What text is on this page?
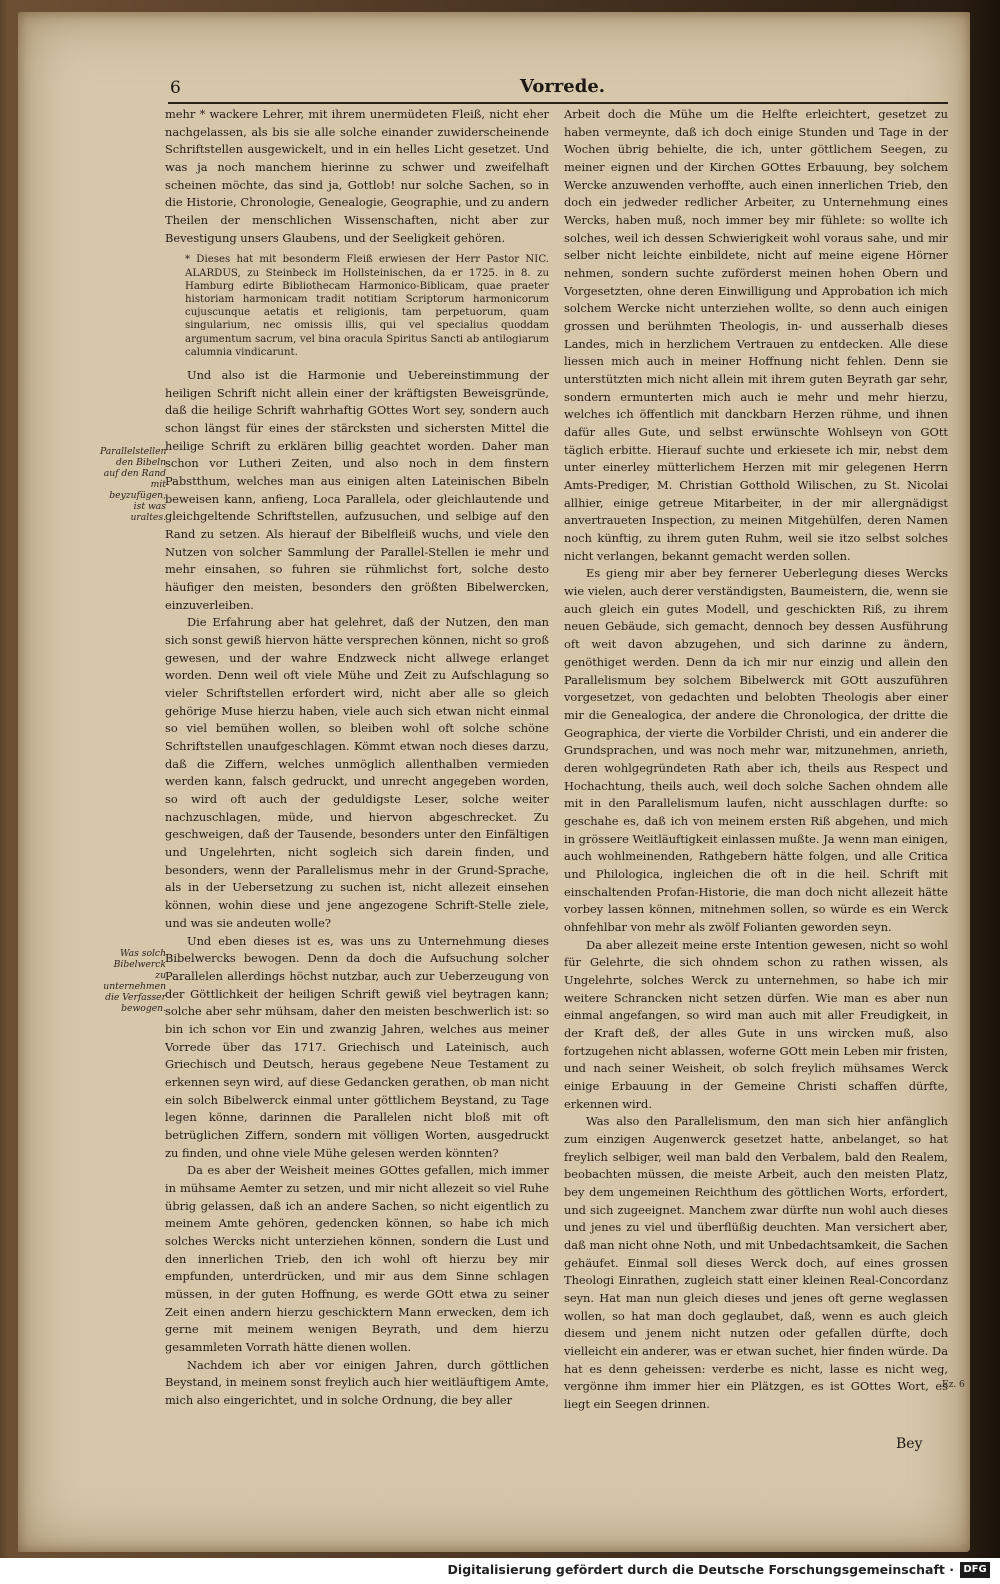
6	Vorrede.
Parallelstellen den Bibeln auf den Rand mit beyzufügen, ist was uraltes.
Was solch Bibelwerck zu unternehmen die Verfasser bewogen.
Ez. 6

mehr * wackere Lehrer, mit ihrem unermüdeten Fleiß, nicht eher nachgelassen, als bis sie alle solche einander zuwiderscheinende Schriftstellen ausgewickelt, und in ein helles Licht gesetzet. Und was ja noch manchem hierinne zu schwer und zweifelhaft scheinen möchte, das sind ja, Gottlob! nur solche Sachen, so in die Historie, Chronologie, Genealogie, Geographie, und zu andern Theilen der menschlichen Wissenschaften, nicht aber zur Bevestigung unsers Glaubens, und der Seeligkeit gehören.

* Dieses hat mit besonderm Fleiß erwiesen der Herr Pastor NIC. ALARDUS, zu Steinbeck im Hollsteinischen, da er 1725. in 8. zu Hamburg edirte Bibliothecam Harmonico-Biblicam, quae praeter historiam harmonicam tradit notitiam Scriptorum harmonicorum cujuscunque aetatis et religionis, tam perpetuorum, quam singularium, nec omissis illis, qui vel specialius quoddam argumentum sacrum, vel bina oracula Spiritus Sancti ab antilogiarum calumnia vindicarunt.

Und also ist die Harmonie und Uebereinstimmung der heiligen Schrift nicht allein einer der kräftigsten Beweisgründe, daß die heilige Schrift wahrhaftig GOttes Wort sey, sondern auch schon längst für eines der stärcksten und sichersten Mittel die heilige Schrift zu erklären billig geachtet worden. Daher man schon vor Lutheri Zeiten, und also noch in dem finstern Pabstthum, welches man aus einigen alten Lateinischen Bibeln beweisen kann, anfieng, Loca Parallela, oder gleichlautende und gleichgeltende Schriftstellen, aufzusuchen, und selbige auf den Rand zu setzen. Als hierauf der Bibelfleiß wuchs, und viele den Nutzen von solcher Sammlung der Parallel-Stellen ie mehr und mehr einsahen, so fuhren sie rühmlichst fort, solche desto häufiger den meisten, besonders den größten Bibelwercken, einzuverleiben.

Die Erfahrung aber hat gelehret, daß der Nutzen, den man sich sonst gewiß hiervon hätte versprechen können, nicht so groß gewesen, und der wahre Endzweck nicht allwege erlanget worden. Denn weil oft viele Mühe und Zeit zu Aufschlagung so vieler Schriftstellen erfordert wird, nicht aber alle so gleich gehörige Muse hierzu haben, viele auch sich etwan nicht einmal so viel bemühen wollen, so bleiben wohl oft solche schöne Schriftstellen unaufgeschlagen. Kömmt etwan noch dieses darzu, daß die Ziffern, welches unmöglich allenthalben vermieden werden kann, falsch gedruckt, und unrecht angegeben worden, so wird oft auch der geduldigste Leser, solche weiter nachzuschlagen, müde, und hiervon abgeschrecket. Zu geschweigen, daß der Tausende, besonders unter den Einfältigen und Ungelehrten, nicht sogleich sich darein finden, und besonders, wenn der Parallelismus mehr in der Grund-Sprache, als in der Uebersetzung zu suchen ist, nicht allezeit einsehen können, wohin diese und jene angezogene Schrift-Stelle ziele, und was sie andeuten wolle?

Und eben dieses ist es, was uns zu Unternehmung dieses Bibelwercks bewogen. Denn da doch die Aufsuchung solcher Parallelen allerdings höchst nutzbar, auch zur Ueberzeugung von der Göttlichkeit der heiligen Schrift gewiß viel beytragen kann; solche aber sehr mühsam, daher den meisten beschwerlich ist: so bin ich schon vor Ein und zwanzig Jahren, welches aus meiner Vorrede über das 1717. Griechisch und Lateinisch, auch Griechisch und Deutsch, heraus gegebene Neue Testament zu erkennen seyn wird, auf diese Gedancken gerathen, ob man nicht ein solch Bibelwerck einmal unter göttlichem Beystand, zu Tage legen könne, darinnen die Parallelen nicht bloß mit oft betrüglichen Ziffern, sondern mit völligen Worten, ausgedruckt zu finden, und ohne viele Mühe gelesen werden könnten?

Da es aber der Weisheit meines GOttes gefallen, mich immer in mühsame Aemter zu setzen, und mir nicht allezeit so viel Ruhe übrig gelassen, daß ich an andere Sachen, so nicht eigentlich zu meinem Amte gehören, gedencken können, so habe ich mich solches Wercks nicht unterziehen können, sondern die Lust und den innerlichen Trieb, den ich wohl oft hierzu bey mir empfunden, unterdrücken, und mir aus dem Sinne schlagen müssen, in der guten Hoffnung, es werde GOtt etwa zu seiner Zeit einen andern hierzu geschicktern Mann erwecken, dem ich gerne mit meinem wenigen Beyrath, und dem hierzu gesammleten Vorrath hätte dienen wollen.

Nachdem ich aber vor einigen Jahren, durch göttlichen Beystand, in meinem sonst freylich auch hier weitläuftigem Amte, mich also eingerichtet, und in solche Ordnung, die bey aller

Arbeit doch die Mühe um die Helfte erleichtert, gesetzet zu haben vermeynte, daß ich doch einige Stunden und Tage in der Wochen übrig behielte, die ich, unter göttlichem Seegen, zu meiner eignen und der Kirchen GOttes Erbauung, bey solchem Wercke anzuwenden verhoffte, auch einen innerlichen Trieb, den doch ein jedweder redlicher Arbeiter, zu Unternehmung eines Wercks, haben muß, noch immer bey mir fühlete: so wollte ich solches, weil ich dessen Schwierigkeit wohl voraus sahe, und mir selber nicht leichte einbildete, nicht auf meine eigene Hörner nehmen, sondern suchte zuförderst meinen hohen Obern und Vorgesetzten, ohne deren Einwilligung und Approbation ich mich solchem Wercke nicht unterziehen wollte, so denn auch einigen grossen und berühmten Theologis, in- und ausserhalb dieses Landes, mich in herzlichem Vertrauen zu entdecken. Alle diese liessen mich auch in meiner Hoffnung nicht fehlen. Denn sie unterstützten mich nicht allein mit ihrem guten Beyrath gar sehr, sondern ermunterten mich auch ie mehr und mehr hierzu, welches ich öffentlich mit danckbarn Herzen rühme, und ihnen dafür alles Gute, und selbst erwünschte Wohlseyn von GOtt täglich erbitte. Hierauf suchte und erkiesete ich mir, nebst dem unter einerley mütterlichem Herzen mit mir gelegenen Herrn Amts-Prediger, M. Christian Gotthold Wilischen, zu St. Nicolai allhier, einige getreue Mitarbeiter, in der mir allergnädigst anvertraueten Inspection, zu meinen Mitgehülfen, deren Namen noch künftig, zu ihrem guten Ruhm, weil sie itzo selbst solches nicht verlangen, bekannt gemacht werden sollen.

Es gieng mir aber bey fernerer Ueberlegung dieses Wercks wie vielen, auch derer verständigsten, Baumeistern, die, wenn sie auch gleich ein gutes Modell, und geschickten Riß, zu ihrem neuen Gebäude, sich gemacht, dennoch bey dessen Ausführung oft weit davon abzugehen, und sich darinne zu ändern, genöthiget werden. Denn da ich mir nur einzig und allein den Parallelismum bey solchem Bibelwerck mit GOtt auszuführen vorgesetzet, von gedachten und belobten Theologis aber einer mir die Genealogica, der andere die Chronologica, der dritte die Geographica, der vierte die Vorbilder Christi, und ein anderer die Grundsprachen, und was noch mehr war, mitzunehmen, anrieth, deren wohlgegründeten Rath aber ich, theils aus Respect und Hochachtung, theils auch, weil doch solche Sachen ohndem alle mit in den Parallelismum laufen, nicht ausschlagen durfte: so geschahe es, daß ich von meinem ersten Riß abgehen, und mich in grössere Weitläuftigkeit einlassen mußte. Ja wenn man einigen, auch wohlmeinenden, Rathgebern hätte folgen, und alle Critica und Philologica, ingleichen die oft in die heil. Schrift mit einschaltenden Profan-Historie, die man doch nicht allezeit hätte vorbey lassen können, mitnehmen sollen, so würde es ein Werck ohnfehlbar von mehr als zwölf Folianten geworden seyn.

Da aber allezeit meine erste Intention gewesen, nicht so wohl für Gelehrte, die sich ohndem schon zu rathen wissen, als Ungelehrte, solches Werck zu unternehmen, so habe ich mir weitere Schrancken nicht setzen dürfen. Wie man es aber nun einmal angefangen, so wird man auch mit aller Freudigkeit, in der Kraft deß, der alles Gute in uns wircken muß, also fortzugehen nicht ablassen, woferne GOtt mein Leben mir fristen, und nach seiner Weisheit, ob solch freylich mühsames Werck einige Erbauung in der Gemeine Christi schaffen dürfte, erkennen wird.

Was also den Parallelismum, den man sich hier anfänglich zum einzigen Augenwerck gesetzet hatte, anbelanget, so hat freylich selbiger, weil man bald den Verbalem, bald den Realem, beobachten müssen, die meiste Arbeit, auch den meisten Platz, bey dem ungemeinen Reichthum des göttlichen Worts, erfordert, und sich zugeeignet. Manchem zwar dürfte nun wohl auch dieses und jenes zu viel und überflüßig deuchten. Man versichert aber, daß man nicht ohne Noth, und mit Unbedachtsamkeit, die Sachen gehäufet. Einmal soll dieses Werck doch, auf eines grossen Theologi Einrathen, zugleich statt einer kleinen Real-Concordanz seyn. Hat man nun gleich dieses und jenes oft gerne weglassen wollen, so hat man doch geglaubet, daß, wenn es auch gleich diesem und jenem nicht nutzen oder gefallen dürfte, doch vielleicht ein anderer, was er etwan suchet, hier finden würde. Da hat es denn geheissen: verderbe es nicht, lasse es nicht weg, vergönne ihm immer hier ein Plätzgen, es ist GOttes Wort, es liegt ein Seegen drinnen.

Bey
Digitalisierung gefördert durch die Deutsche Forschungsgemeinschaft · DFG
